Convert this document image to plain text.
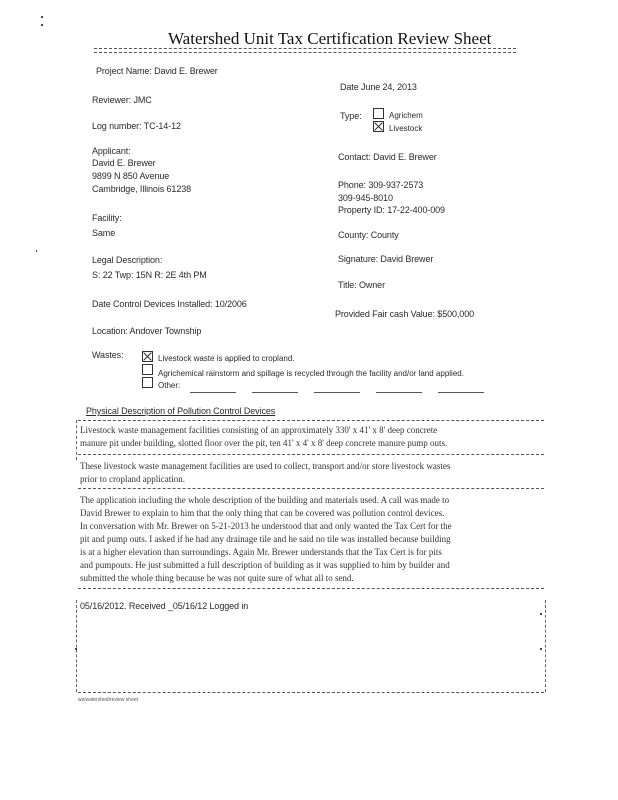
Watershed Unit Tax Certification Review Sheet
Project Name: David E. Brewer
Date June 24, 2013
Reviewer: JMC
Type:	Agrichem
Livestock
Log number: TC-14-12
Applicant:
David E. Brewer
9899 N 850 Avenue
Cambridge, Illinois 61238
Contact: David E. Brewer
Phone: 309-937-2573
309-945-8010
Property ID: 17-22-400-009
Facility:
Same	County: County
Legal Description:
S: 22 Twp: 15N R: 2E 4th PM
Signature: David Brewer
Title: Owner
Date Control Devices Installed: 10/2006
Provided Fair cash Value: $500,000
Location: Andover Township
Wastes:	Livestock waste is applied to cropland.
Agrichemical rainstorm and spillage is recycled through the facility and/or land applied.
Other:
Physical Description of Pollution Control Devices
Livestock waste management facilities consisting of an approximately 330' x 41' x 8' deep concrete
manure pit under building, slotted floor over the pit, ten 41' x 4' x 8' deep concrete manure pump outs.
These livestock waste management facilities are used to collect, transport and/or store livestock wastes
prior to cropland application.
The application including the whole description of the building and materials used. A call was made to
David Brewer to explain to him that the only thing that can be covered was pollution control devices.
In conversation with Mr. Brewer on 5-21-2013 he understood that and only wanted the Tax Cert for the
pit and pump outs. I asked if he had any drainage tile and he said no tile was installed because building
is at a higher elevation than surroundings. Again Mr. Brewer understands that the Tax Cert is for pits
and pumpouts. He just submitted a full description of building as it was supplied to him by builder and
submitted the whole thing because he was not quite sure of what all to send.
05/16/2012. Received _05/16/12 Logged in
ws/watershed/review sheet
